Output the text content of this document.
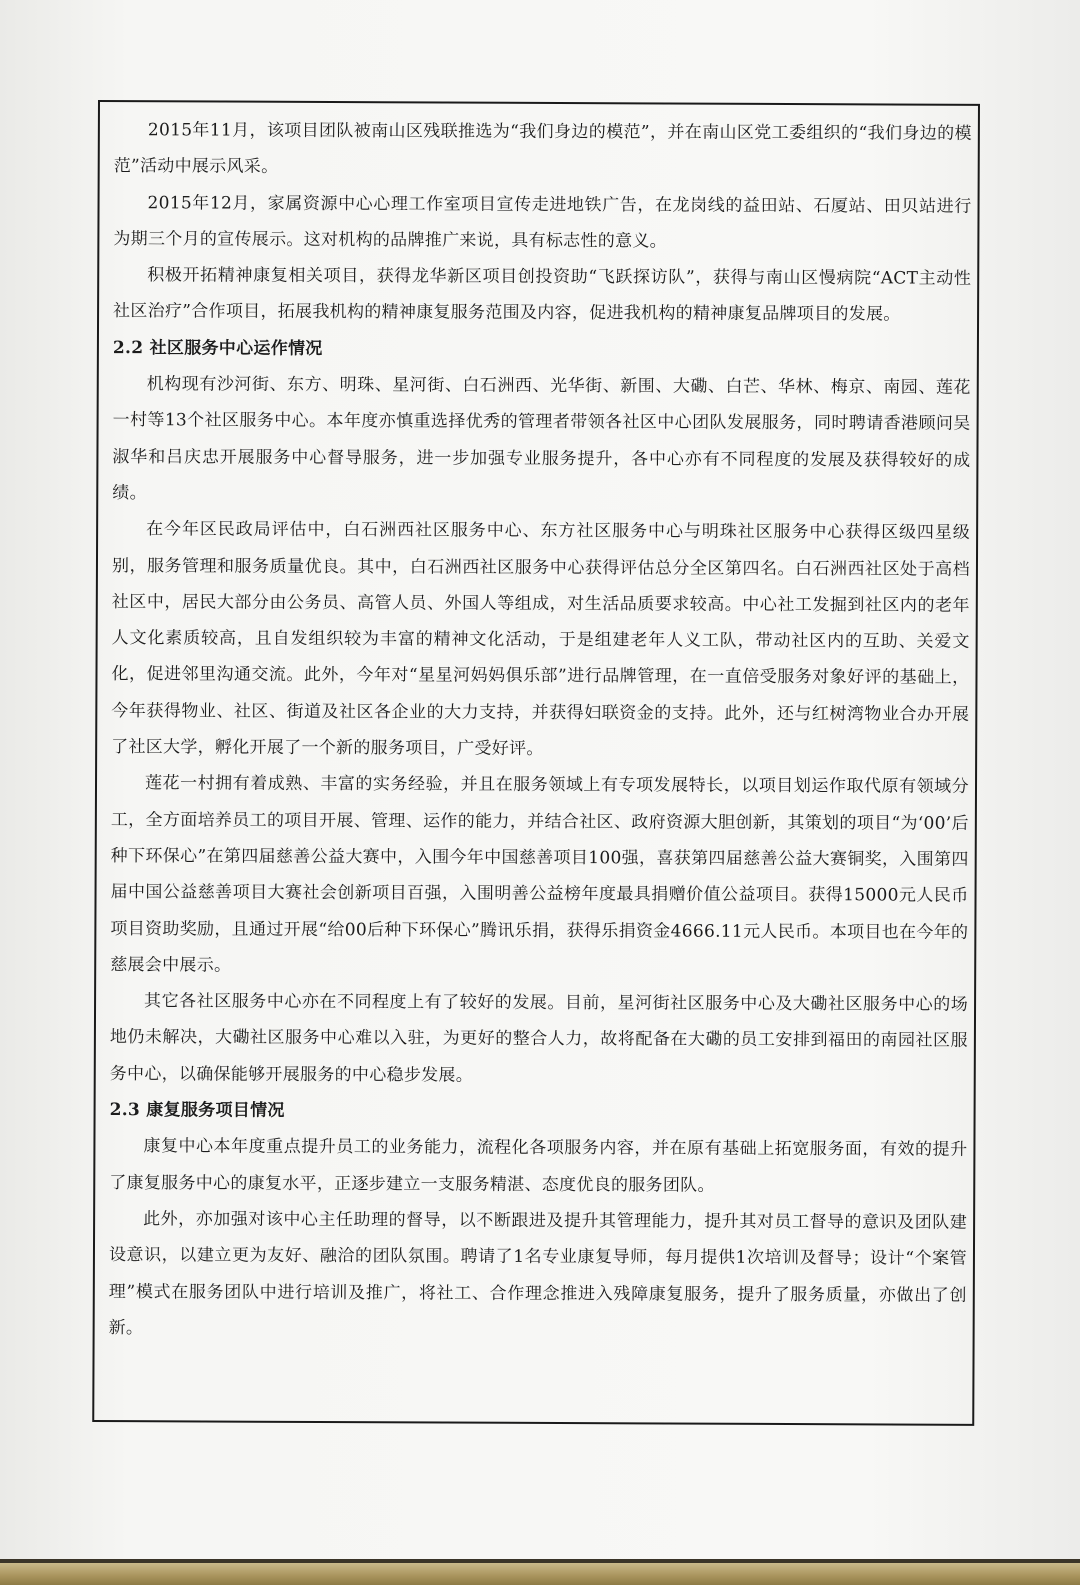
2015年11月，该项目团队被南山区残联推选为“我们身边的模范”，并在南山区党工委组织的“我们身边的模范”活动中展示风采。

2015年12月，家属资源中心心理工作室项目宣传走进地铁广告，在龙岗线的益田站、石厦站、田贝站进行为期三个月的宣传展示。这对机构的品牌推广来说，具有标志性的意义。

积极开拓精神康复相关项目，获得龙华新区项目创投资助“飞跃探访队”，获得与南山区慢病院“ACT主动性社区治疗”合作项目，拓展我机构的精神康复服务范围及内容，促进我机构的精神康复品牌项目的发展。

2.2 社区服务中心运作情况

机构现有沙河街、东方、明珠、星河街、白石洲西、光华街、新围、大磡、白芒、华林、梅京、南园、莲花一村等13个社区服务中心。本年度亦慎重选择优秀的管理者带领各社区中心团队发展服务，同时聘请香港顾问吴淑华和吕庆忠开展服务中心督导服务，进一步加强专业服务提升，各中心亦有不同程度的发展及获得较好的成绩。

在今年区民政局评估中，白石洲西社区服务中心、东方社区服务中心与明珠社区服务中心获得区级四星级别，服务管理和服务质量优良。其中，白石洲西社区服务中心获得评估总分全区第四名。白石洲西社区处于高档社区中，居民大部分由公务员、高管人员、外国人等组成，对生活品质要求较高。中心社工发掘到社区内的老年人文化素质较高，且自发组织较为丰富的精神文化活动，于是组建老年人义工队，带动社区内的互助、关爱文化，促进邻里沟通交流。此外，今年对“星星河妈妈俱乐部”进行品牌管理，在一直倍受服务对象好评的基础上，今年获得物业、社区、街道及社区各企业的大力支持，并获得妇联资金的支持。此外，还与红树湾物业合办开展了社区大学，孵化开展了一个新的服务项目，广受好评。

莲花一村拥有着成熟、丰富的实务经验，并且在服务领域上有专项发展特长，以项目划运作取代原有领域分工，全方面培养员工的项目开展、管理、运作的能力，并结合社区、政府资源大胆创新，其策划的项目“为‘00’后种下环保心”在第四届慈善公益大赛中，入围今年中国慈善项目100强，喜获第四届慈善公益大赛铜奖，入围第四届中国公益慈善项目大赛社会创新项目百强，入围明善公益榜年度最具捐赠价值公益项目。获得15000元人民币项目资助奖励，且通过开展“给00后种下环保心”腾讯乐捐，获得乐捐资金4666.11元人民币。本项目也在今年的慈展会中展示。

其它各社区服务中心亦在不同程度上有了较好的发展。目前，星河街社区服务中心及大磡社区服务中心的场地仍未解决，大磡社区服务中心难以入驻，为更好的整合人力，故将配备在大磡的员工安排到福田的南园社区服务中心，以确保能够开展服务的中心稳步发展。

2.3 康复服务项目情况

康复中心本年度重点提升员工的业务能力，流程化各项服务内容，并在原有基础上拓宽服务面，有效的提升了康复服务中心的康复水平，正逐步建立一支服务精湛、态度优良的服务团队。

此外，亦加强对该中心主任助理的督导，以不断跟进及提升其管理能力，提升其对员工督导的意识及团队建设意识，以建立更为友好、融洽的团队氛围。聘请了1名专业康复导师，每月提供1次培训及督导；设计“个案管理”模式在服务团队中进行培训及推广，将社工、合作理念推进入残障康复服务，提升了服务质量，亦做出了创新。
